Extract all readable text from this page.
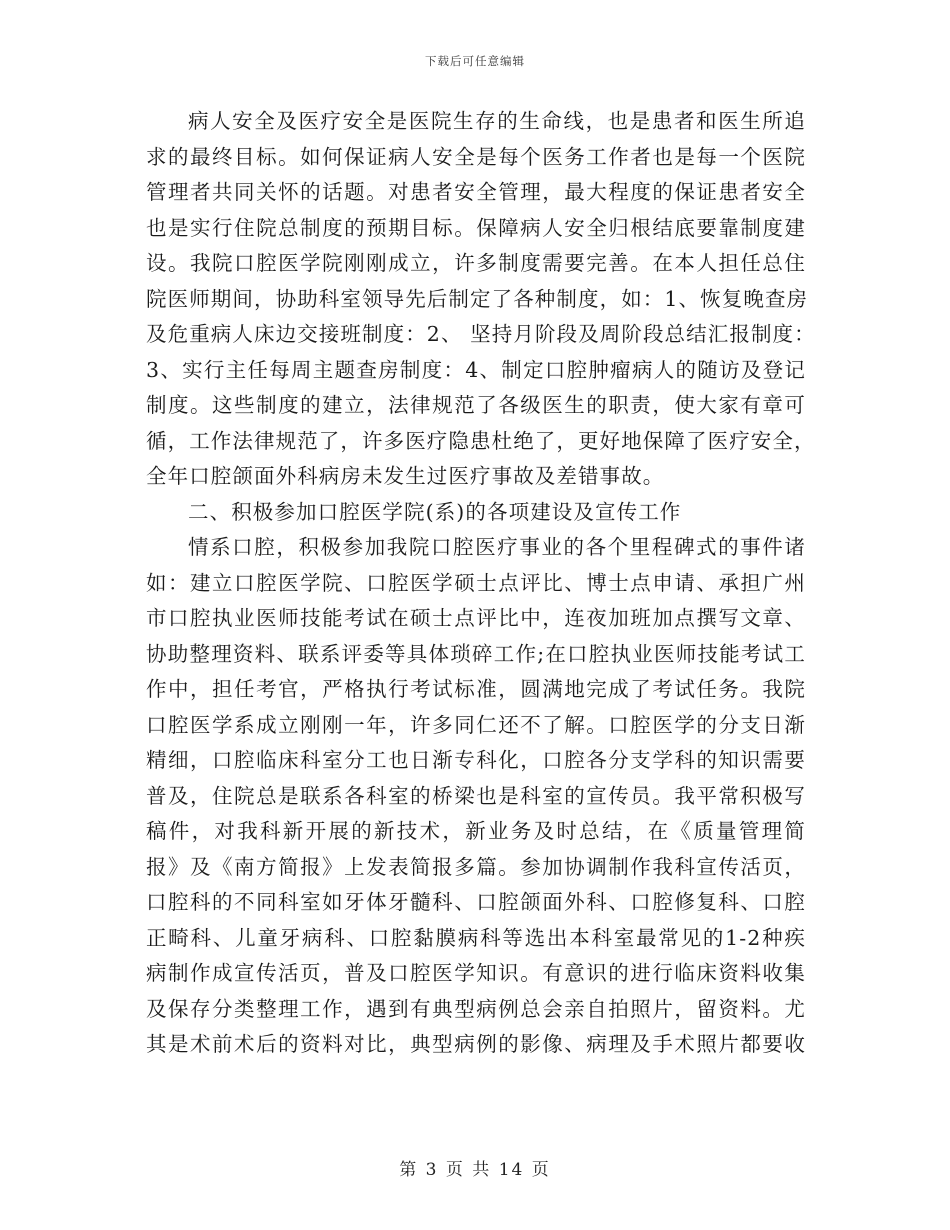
下载后可任意编辑
病人安全及医疗安全是医院生存的生命线，也是患者和医生所追
求的最终目标。如何保证病人安全是每个医务工作者也是每一个医院
管理者共同关怀的话题。对患者安全管理，最大程度的保证患者安全
也是实行住院总制度的预期目标。保障病人安全归根结底要靠制度建
设。我院口腔医学院刚刚成立，许多制度需要完善。在本人担任总住
院医师期间，协助科室领导先后制定了各种制度，如：1、恢复晚查房
及危重病人床边交接班制度：2、 坚持月阶段及周阶段总结汇报制度：
3、实行主任每周主题查房制度：4、制定口腔肿瘤病人的随访及登记
制度。这些制度的建立，法律规范了各级医生的职责，使大家有章可
循，工作法律规范了，许多医疗隐患杜绝了，更好地保障了医疗安全，
全年口腔颌面外科病房未发生过医疗事故及差错事故。
二、积极参加口腔医学院(系)的各项建设及宣传工作
情系口腔，积极参加我院口腔医疗事业的各个里程碑式的事件诸
如：建立口腔医学院、口腔医学硕士点评比、博士点申请、承担广州
市口腔执业医师技能考试在硕士点评比中，连夜加班加点撰写文章、
协助整理资料、联系评委等具体琐碎工作;在口腔执业医师技能考试工
作中，担任考官，严格执行考试标准，圆满地完成了考试任务。我院
口腔医学系成立刚刚一年，许多同仁还不了解。口腔医学的分支日渐
精细，口腔临床科室分工也日渐专科化，口腔各分支学科的知识需要
普及，住院总是联系各科室的桥梁也是科室的宣传员。我平常积极写
稿件，对我科新开展的新技术，新业务及时总结，在《质量管理简
报》及《南方简报》上发表简报多篇。参加协调制作我科宣传活页，
口腔科的不同科室如牙体牙髓科、口腔颌面外科、口腔修复科、口腔
正畸科、儿童牙病科、口腔黏膜病科等选出本科室最常见的1-2种疾
病制作成宣传活页，普及口腔医学知识。有意识的进行临床资料收集
及保存分类整理工作，遇到有典型病例总会亲自拍照片，留资料。尤
其是术前术后的资料对比，典型病例的影像、病理及手术照片都要收
第 3 页 共 14 页
